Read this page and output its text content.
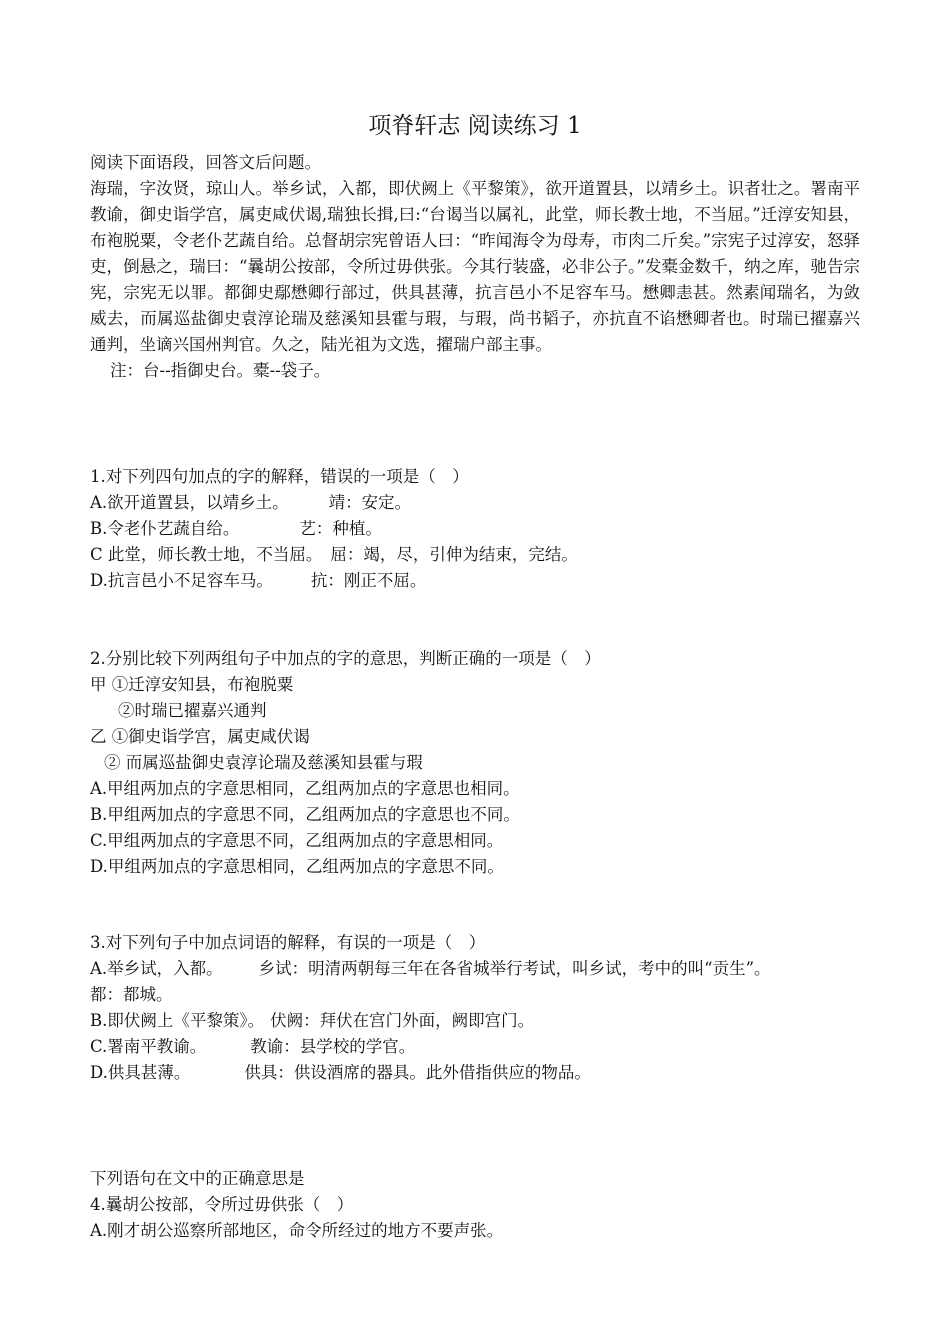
项脊轩志 阅读练习 1

阅读下面语段，回答文后问题。

海瑞，字汝贤，琼山人。举乡试，入都，即伏阙上《平黎策》，欲开道置县，以靖乡土。识者壮之。署南平教谕，御史诣学宫，属吏咸伏谒,瑞独长揖,曰:“台谒当以属礼，此堂，师长教士地，不当屈。”迁淳安知县，布袍脱粟，令老仆艺蔬自给。总督胡宗宪曾语人曰：“昨闻海令为母寿，市肉二斤矣。”宗宪子过淳安，怒驿吏，倒悬之，瑞曰：“曩胡公按部，令所过毋供张。今其行装盛，必非公子。”发橐金数千，纳之库，驰告宗宪，宗宪无以罪。都御史鄢懋卿行部过，供具甚薄，抗言邑小不足容车马。懋卿恚甚。然素闻瑞名，为敛威去，而属巡盐御史袁淳论瑞及慈溪知县霍与瑕，与瑕，尚书韬子，亦抗直不谄懋卿者也。时瑞已擢嘉兴通判，坐谪兴国州判官。久之，陆光祖为文选，擢瑞户部主事。

注：台--指御史台。橐--袋子。

1.对下列四句加点的字的解释，错误的一项是（　）

A.欲开道置县，以靖乡土。 靖：安定。

B.令老仆艺蔬自给。	艺：种植。

C 此堂，师长教士地，不当屈。 屈：竭，尽，引伸为结束，完结。

D.抗言邑小不足容车马。 抗：刚正不屈。

2.分别比较下列两组句子中加点的字的意思，判断正确的一项是（　）

甲 ①迁淳安知县，布袍脱粟

②时瑞已擢嘉兴通判

乙 ①御史诣学宫，属吏咸伏谒

② 而属巡盐御史袁淳论瑞及慈溪知县霍与瑕

A.甲组两加点的字意思相同，乙组两加点的字意思也相同。

B.甲组两加点的字意思不同，乙组两加点的字意思也不同。

C.甲组两加点的字意思不同，乙组两加点的字意思相同。

D.甲组两加点的字意思相同，乙组两加点的字意思不同。

3.对下列句子中加点词语的解释，有误的一项是（　）

A.举乡试，入都。 乡试：明清两朝每三年在各省城举行考试，叫乡试，考中的叫“贡生”。

都：都城。

B.即伏阙上《平黎策》。 伏阙：拜伏在宫门外面，阙即宫门。

C.署南平教谕。	教谕：县学校的学官。

D.供具甚薄。	供具：供设酒席的器具。此外借指供应的物品。

下列语句在文中的正确意思是

4.曩胡公按部，令所过毋供张（　）

A.刚才胡公巡察所部地区，命令所经过的地方不要声张。
